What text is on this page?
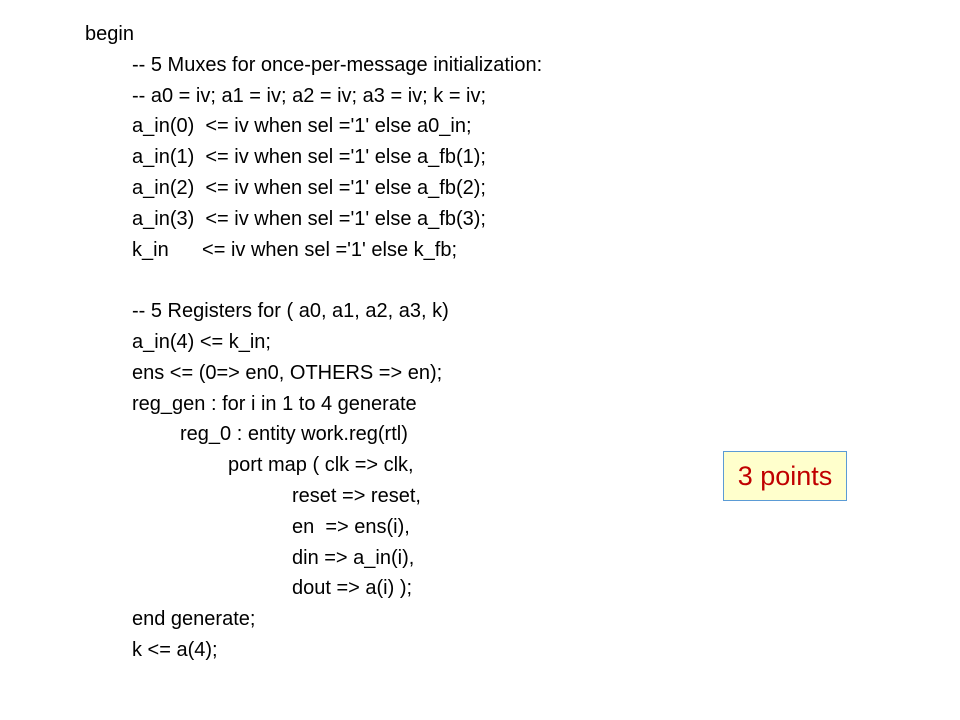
begin
-- 5 Muxes for once-per-message initialization:
-- a0 = iv; a1 = iv; a2 = iv; a3 = iv; k = iv;
a_in(0)  <= iv when sel ='1' else a0_in;
a_in(1)  <= iv when sel ='1' else a_fb(1);
a_in(2)  <= iv when sel ='1' else a_fb(2);
a_in(3)  <= iv when sel ='1' else a_fb(3);
k_in      <= iv when sel ='1' else k_fb;
-- 5 Registers for ( a0, a1, a2, a3, k)
a_in(4) <= k_in;
ens <= (0=> en0, OTHERS => en);
reg_gen : for i in 1 to 4 generate
reg_0 : entity work.reg(rtl)
port map ( clk => clk,
reset => reset,
en  => ens(i),
din => a_in(i),
dout => a(i) );
end generate;
k <= a(4);
3 points
